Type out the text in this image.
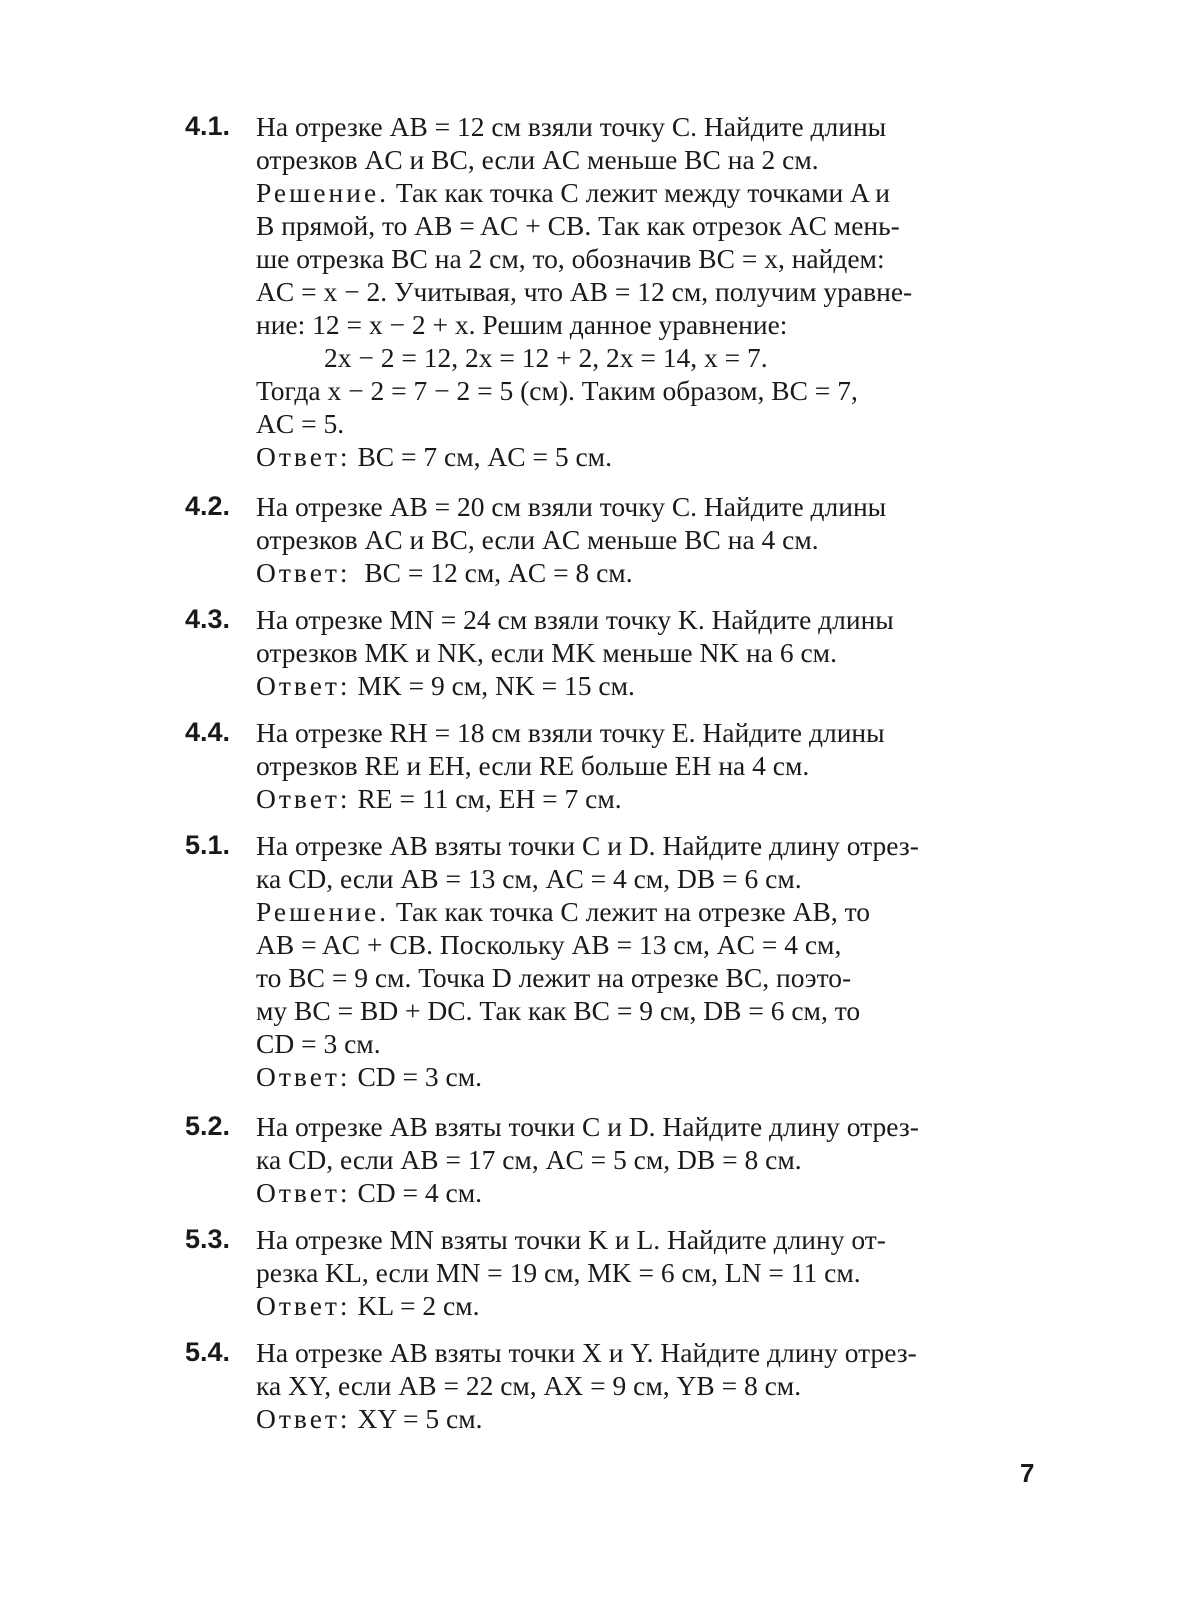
4.1. На отрезке AB = 12 см взяли точку C. Найдите длины
отрезков AC и BC, если AC меньше BC на 2 см.

Решение. Так как точка C лежит между точками A и
B прямой, то AB = AC + CB. Так как отрезок AC мень-
ше отрезка BC на 2 см, то, обозначив BC = x, найдем:
AC = x − 2. Учитывая, что AB = 12 см, получим уравне-
ние: 12 = x − 2 + x. Решим данное уравнение:
2x − 2 = 12, 2x = 12 + 2, 2x = 14, x = 7.
Тогда x − 2 = 7 − 2 = 5 (см). Таким образом, BC = 7,
AC = 5.

Ответ: BC = 7 см, AC = 5 см.

4.2. На отрезке AB = 20 см взяли точку C. Найдите длины
отрезков AC и BC, если AC меньше BC на 4 см.

Ответ:  BC = 12 см, AC = 8 см.

4.3. На отрезке MN = 24 см взяли точку K. Найдите длины
отрезков MK и NK, если MK меньше NK на 6 см.

Ответ: MK = 9 см, NK = 15 см.

4.4. На отрезке RH = 18 см взяли точку E. Найдите длины
отрезков RE и EH, если RE больше EH на 4 см.

Ответ: RE = 11 см, EH = 7 см.

5.1. На отрезке AB взяты точки C и D. Найдите длину отрез-
ка CD, если AB = 13 см, AC = 4 см, DB = 6 см.

Решение. Так как точка C лежит на отрезке AB, то
AB = AC + CB. Поскольку AB = 13 см, AC = 4 см,
то BC = 9 см. Точка D лежит на отрезке BC, поэто-
му BC = BD + DC. Так как BC = 9 см, DB = 6 см, то
CD = 3 см.

Ответ: CD = 3 см.

5.2. На отрезке AB взяты точки C и D. Найдите длину отрез-
ка CD, если AB = 17 см, AC = 5 см, DB = 8 см.

Ответ: CD = 4 см.

5.3. На отрезке MN взяты точки K и L. Найдите длину от-
резка KL, если MN = 19 см, MK = 6 см, LN = 11 см.

Ответ: KL = 2 см.

5.4. На отрезке AB взяты точки X и Y. Найдите длину отрез-
ка XY, если AB = 22 см, AX = 9 см, YB = 8 см.

Ответ: XY = 5 см.

7
